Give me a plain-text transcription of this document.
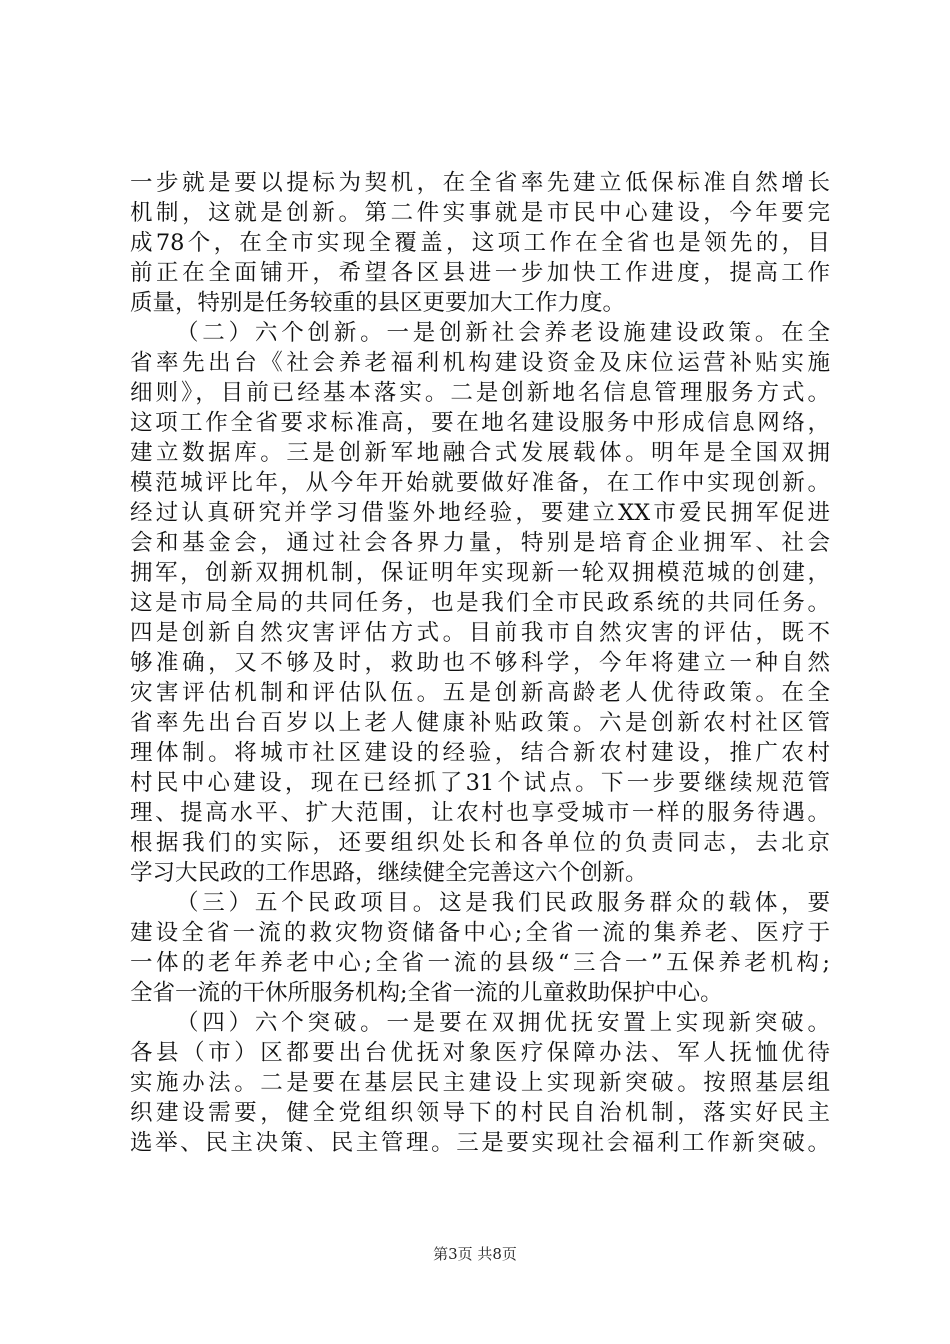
一步就是要以提标为契机，在全省率先建立低保标准自然增长
机制，这就是创新。第二件实事就是市民中心建设，今年要完
成78个，在全市实现全覆盖，这项工作在全省也是领先的，目
前正在全面铺开，希望各区县进一步加快工作进度，提高工作
质量，特别是任务较重的县区更要加大工作力度。
（二）六个创新。一是创新社会养老设施建设政策。在全
省率先出台《社会养老福利机构建设资金及床位运营补贴实施
细则》，目前已经基本落实。二是创新地名信息管理服务方式。
这项工作全省要求标准高，要在地名建设服务中形成信息网络，
建立数据库。三是创新军地融合式发展载体。明年是全国双拥
模范城评比年，从今年开始就要做好准备，在工作中实现创新。
经过认真研究并学习借鉴外地经验，要建立XX市爱民拥军促进
会和基金会，通过社会各界力量，特别是培育企业拥军、社会
拥军，创新双拥机制，保证明年实现新一轮双拥模范城的创建，
这是市局全局的共同任务，也是我们全市民政系统的共同任务。
四是创新自然灾害评估方式。目前我市自然灾害的评估，既不
够准确，又不够及时，救助也不够科学，今年将建立一种自然
灾害评估机制和评估队伍。五是创新高龄老人优待政策。在全
省率先出台百岁以上老人健康补贴政策。六是创新农村社区管
理体制。将城市社区建设的经验，结合新农村建设，推广农村
村民中心建设，现在已经抓了31个试点。下一步要继续规范管
理、提高水平、扩大范围，让农村也享受城市一样的服务待遇。
根据我们的实际，还要组织处长和各单位的负责同志，去北京
学习大民政的工作思路，继续健全完善这六个创新。
（三）五个民政项目。这是我们民政服务群众的载体，要
建设全省一流的救灾物资储备中心;全省一流的集养老、医疗于
一体的老年养老中心;全省一流的县级“三合一”五保养老机构;
全省一流的干休所服务机构;全省一流的儿童救助保护中心。
（四）六个突破。一是要在双拥优抚安置上实现新突破。
各县（市）区都要出台优抚对象医疗保障办法、军人抚恤优待
实施办法。二是要在基层民主建设上实现新突破。按照基层组
织建设需要，健全党组织领导下的村民自治机制，落实好民主
选举、民主决策、民主管理。三是要实现社会福利工作新突破。
第3页 共8页
